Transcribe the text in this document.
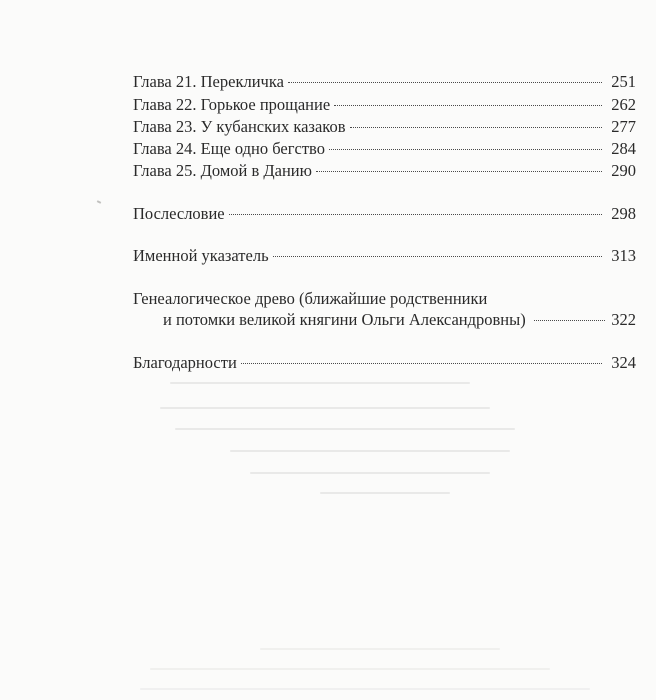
Глава 21. Перекличка	251
Глава 22. Горькое прощание	262
Глава 23. У кубанских казаков	277
Глава 24. Еще одно бегство	284
Глава 25. Домой в Данию	290
Послесловие	298
Именной указатель	313
Генеалогическое древо (ближайшие родственники
и потомки великой княгини Ольги Александровны)	322
Благодарности	324
